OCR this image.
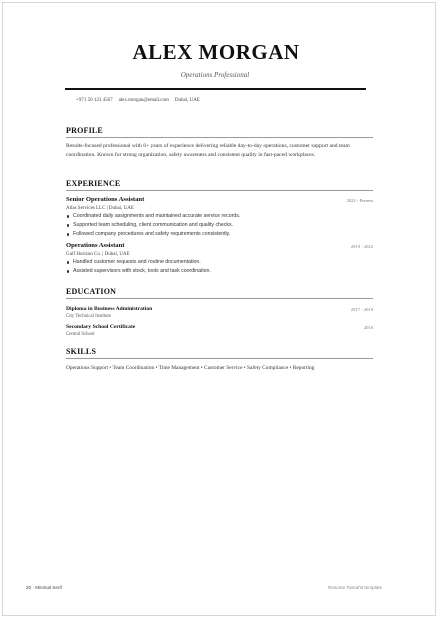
ALEX MORGAN
Operations Professional
+971 50 123 4567 alex.morgan@email.com Dubai, UAE
PROFILE
Results-focused professional with 6+ years of experience delivering reliable day-to-day operations, customer support and team coordination. Known for strong organization, safety awareness and consistent quality in fast-paced workplaces.
EXPERIENCE
Senior Operations Assistant	2022 - Present
Atlas Services LLC | Dubai, UAE
Coordinated daily assignments and maintained accurate service records.
Supported team scheduling, client communication and quality checks.
Followed company procedures and safety requirements consistently.
Operations Assistant	2019 - 2022
Gulf Horizon Co. | Dubai, UAE
Handled customer requests and routine documentation.
Assisted supervisors with stock, tools and task coordination.
EDUCATION
Diploma in Business Administration	2017 - 2019
City Technical Institute
Secondary School Certificate	2016
Central School
SKILLS
Operations Support • Team Coordination • Time Management • Customer Service • Safety Compliance • Reporting
20 · Minimal Serif	Resume Tossuhit template
